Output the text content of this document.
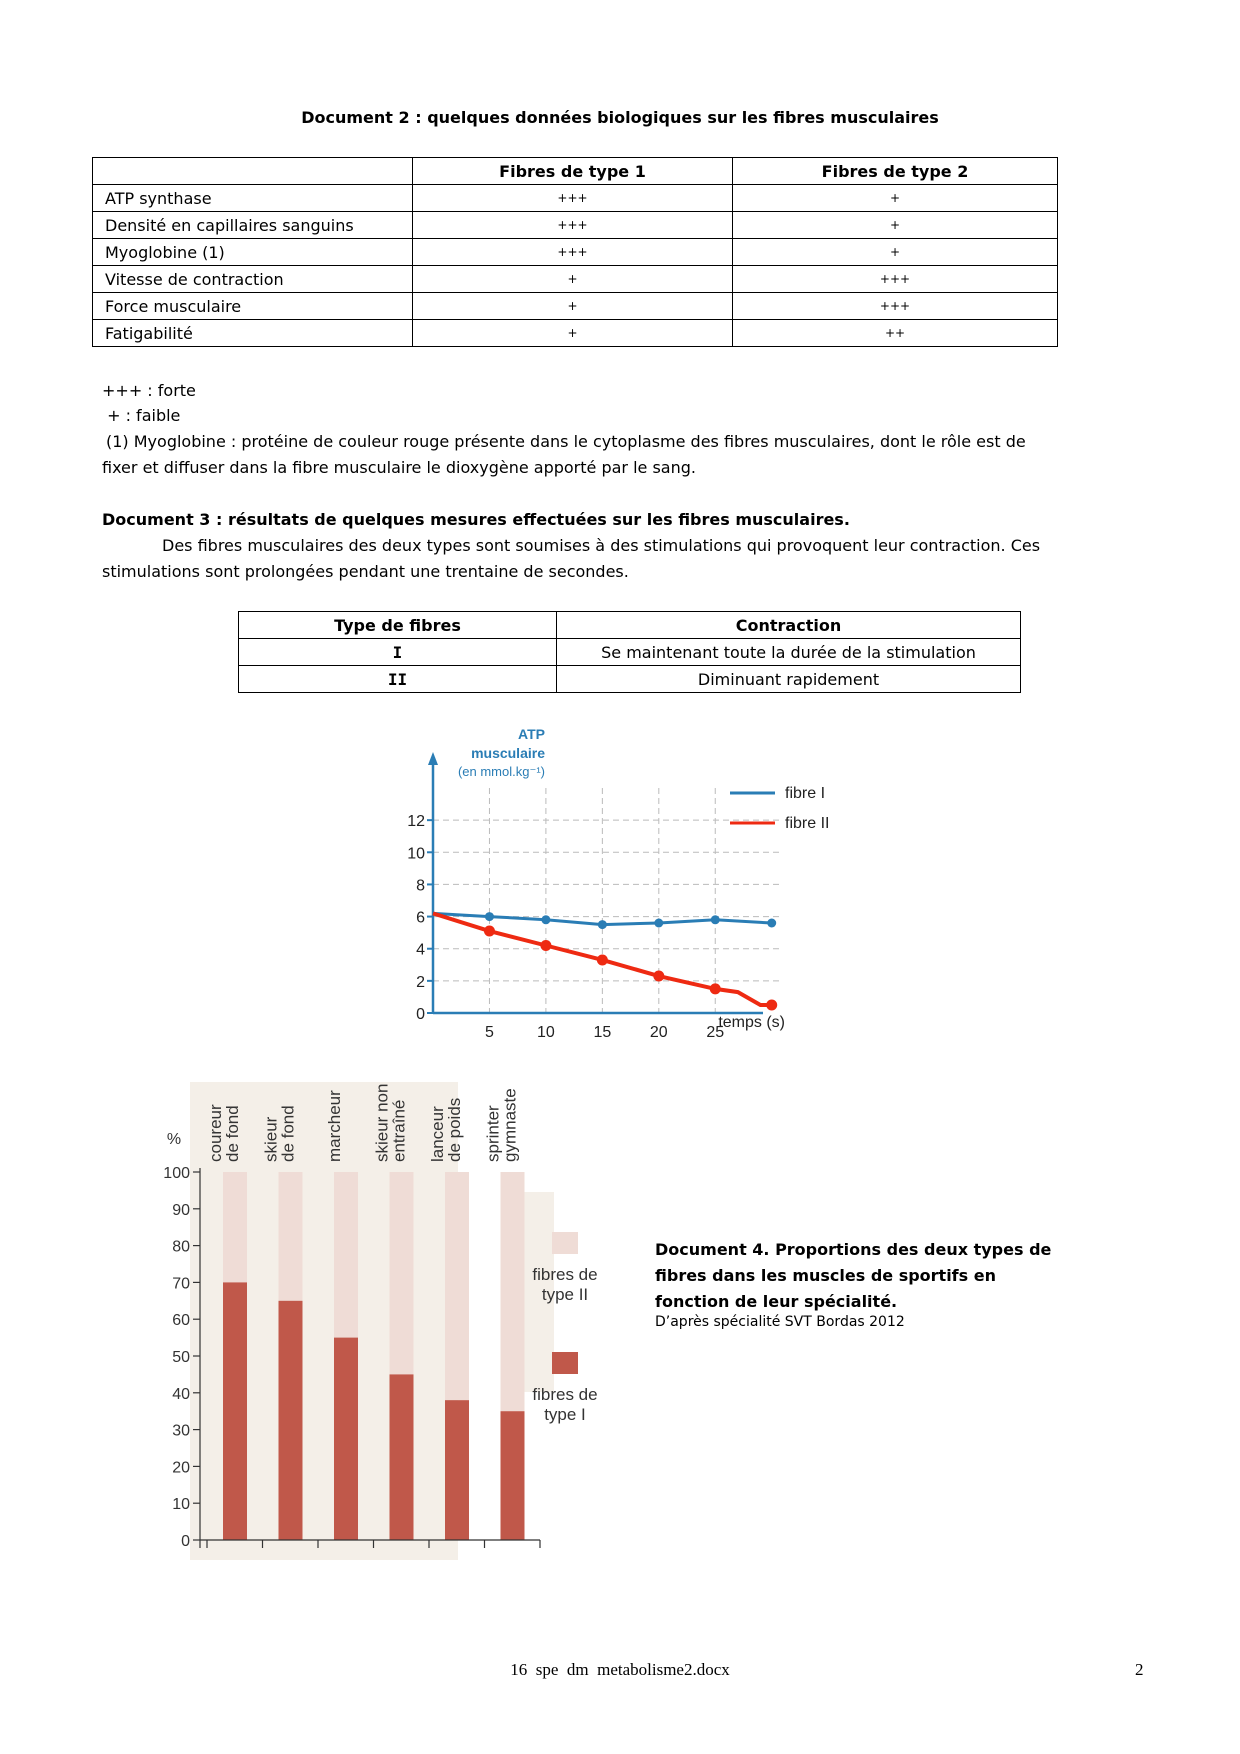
Document 2 : quelques données biologiques sur les fibres musculaires
	Fibres de type 1	Fibres de type 2
ATP synthase	+++	+
Densité en capillaires sanguins	+++	+
Myoglobine (1)	+++	+
Vitesse de contraction	+	+++
Force musculaire	+	+++
Fatigabilité	+	++
+++ : forte
+ : faible
(1) Myoglobine : protéine de couleur rouge présente dans le cytoplasme des fibres musculaires, dont le rôle est de
fixer et diffuser dans la fibre musculaire le dioxygène apporté par le sang.
Document 3 : résultats de quelques mesures effectuées sur les fibres musculaires.
Des fibres musculaires des deux types sont soumises à des stimulations qui provoquent leur contraction. Ces
stimulations sont prolongées pendant une trentaine de secondes.
Type de fibres	Contraction
I	Se maintenant toute la durée de la stimulation
II	Diminuant rapidement
ATP
musculaire
(en mmol.kg⁻¹)
temps (s)
0
2
4
6
8
10
12
5	10 15 20 25
fibre I
fibre II
%
0
10
20
30
40
50
60
70
80
90
100
coureur
de fond skieur
de fond marcheur skieur non
entraîné lanceur
de poids sprinter
gymnaste
fibres de
type II
fibres de
type I
Document 4. Proportions des deux types de
fibres dans les muscles de sportifs en
fonction de leur spécialité.
D’après spécialité SVT Bordas 2012
16  spe  dm  metabolisme2.docx	2
